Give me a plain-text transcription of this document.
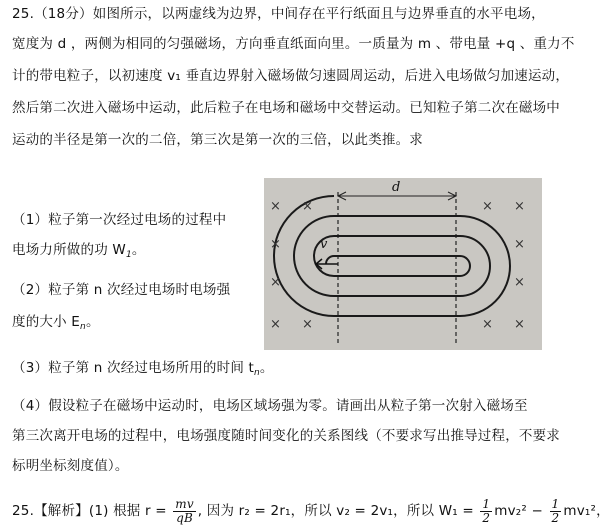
25.（18分）如图所示，以两虚线为边界，中间存在平行纸面且与边界垂直的水平电场，
宽度为 d ，两侧为相同的匀强磁场，方向垂直纸面向里。一质量为 m 、带电量 +q 、重力不
计的带电粒子，以初速度 v₁ 垂直边界射入磁场做匀速圆周运动，后进入电场做匀加速运动，
然后第二次进入磁场中运动，此后粒子在电场和磁场中交替运动。已知粒子第二次在磁场中
运动的半径是第一次的二倍，第三次是第一次的三倍，以此类推。求
（1）粒子第一次经过电场的过程中
电场力所做的功 $W_1$。
（2）粒子第 n 次经过电场时电场强
度的大小 $E_n$。
（3）粒子第 n 次经过电场所用的时间 $t_n$。
（4）假设粒子在磁场中运动时，电场区域场强为零。请画出从粒子第一次射入磁场至
第三次离开电场的过程中，电场强度随时间变化的关系图线（不要求写出推导过程，不要求
标明坐标刻度值）。
25.【解析】(1) 根据 $r = \frac{mv}{qB}$ , 因为 r₂ = 2r₁，所以 v₂ = 2v₁，所以 $W_1 = \frac{1}{2} mv_2^2 - \frac{1}{2} mv_1^2$，
d
v
× ×
×
×
× ×
× ×
×
×
× ×
